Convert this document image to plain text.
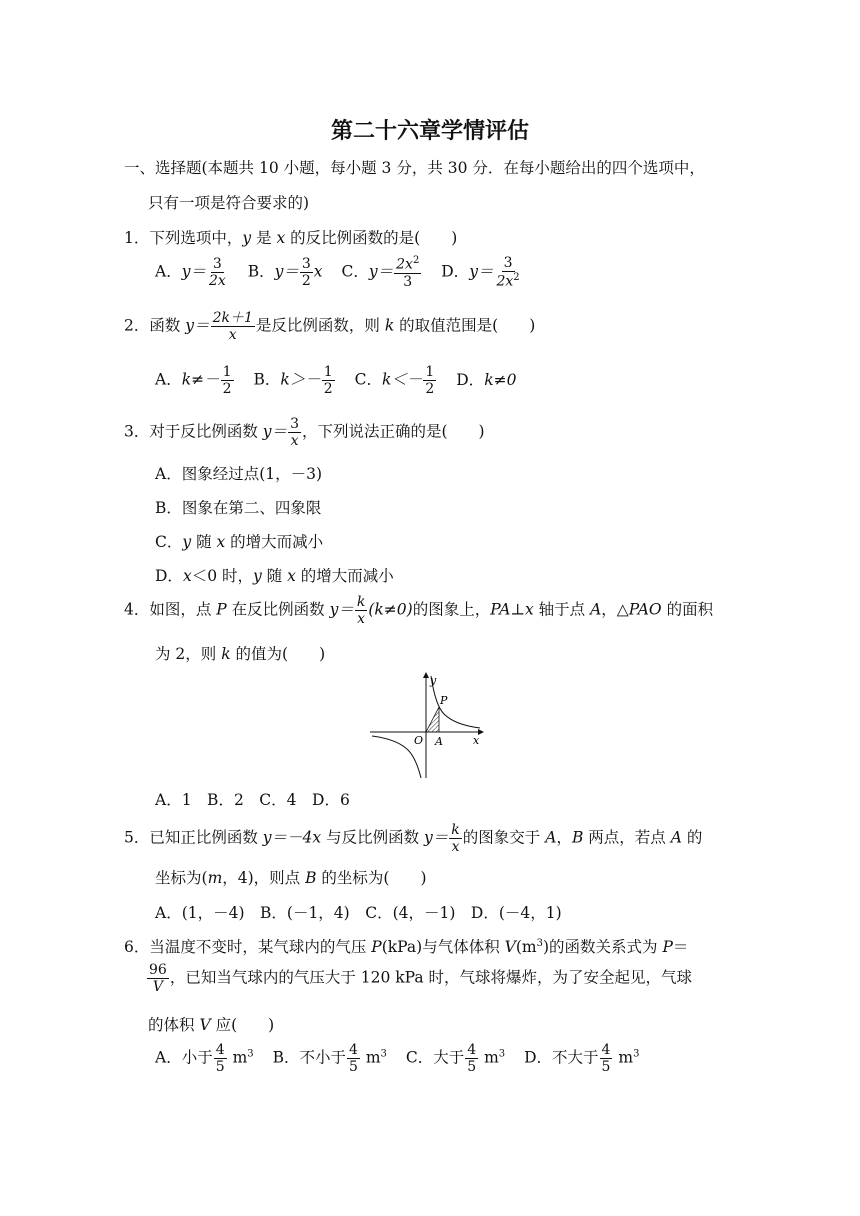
第二十六章学情评估
一、选择题(本题共 10 小题，每小题 3 分，共 30 分．在每小题给出的四个选项中，
只有一项是符合要求的)
1．下列选项中，y 是 x 的反比例函数的是(　　)
A．$y= \frac{3}{2x}$ B．$y= \frac{3}{2}$ x C．$y= \frac{2x^2}{3}$ D．$y= \frac{3}{2x^2}$
2．函数 $y= \frac{2k+1}{x}$ 是反比例函数，则 k 的取值范围是(　　)
A．$k\ne- \frac{1}{2}$ B．$k>- \frac{1}{2}$ C．$k<- \frac{1}{2}$ D．k≠0
3．对于反比例函数 $y= \frac{3}{x}$ ，下列说法正确的是(　　)
A．图象经过点(1，－3)
B．图象在第二、四象限
C．y 随 x 的增大而减小
D．x＜0 时，y 随 x 的增大而减小
4．如图，点 P 在反比例函数 $y= \frac{k}{x} (k\ne 0)$的图象上，PA⊥x 轴于点 A，△PAO 的面积
为 2，则 k 的值为(　　)
y
x
O A
P
A．1　B．2　C．4　D．6
5．已知正比例函数 y＝－4x 与反比例函数 $y= \frac{k}{x}$ 的图象交于 A，B 两点，若点 A 的
坐标为(m，4)，则点 B 的坐标为(　　)
A．(1，－4)　B．(－1，4)　C．(4，－1)　D．(－4，1)
6．当温度不变时，某气球内的气压 P(kPa)与气体体积 $V(m^3)$的函数关系式为 P＝
$\frac{96}{V}$ ，已知当气球内的气压大于 120 kPa 时，气球将爆炸，为了安全起见，气球
的体积 V 应(　　)
A．小于 $\frac{4}{5} m^3$ B．不小于 $\frac{4}{5} m^3$ C．大于 $\frac{4}{5} m^3$ D．不大于 $\frac{4}{5} m^3$
